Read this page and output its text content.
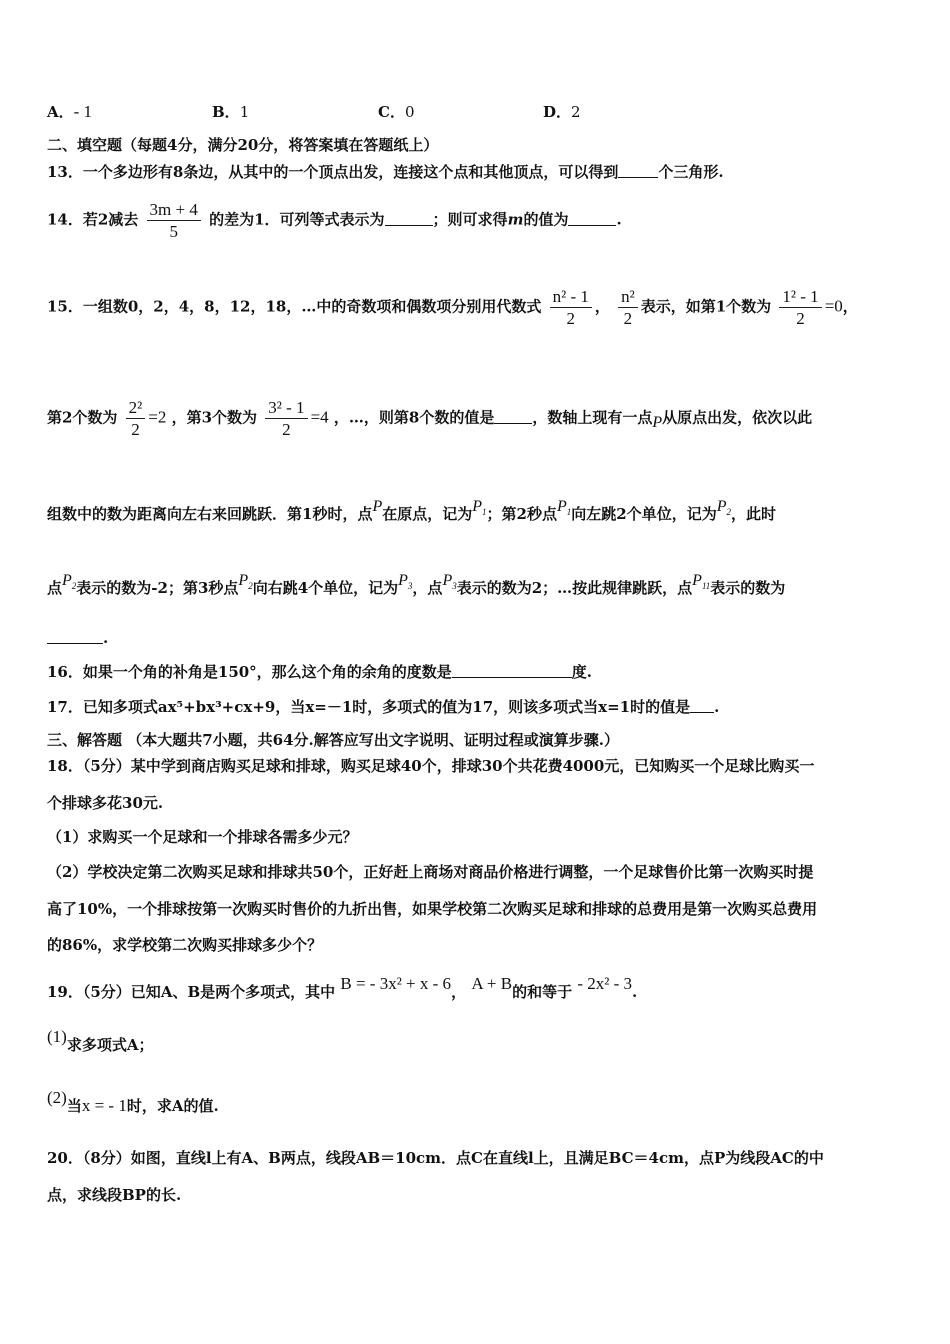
A．- 1	B．1	C．0	D．2
二、填空题（每题4分，满分20分，将答案填在答题纸上）
13．一个多边形有8条边，从其中的一个顶点出发，连接这个点和其他顶点，可以得到	个三角形.
14．若2减去 $\frac{3m + 4}{5}$ 的差为1．可列等式表示为	；则可求得m的值为	.
15．一组数0，2，4，8，12，18，…中的奇数项和偶数项分别用代数式 $\frac{\text{n² - 1}}{2}$ ， $\frac{\text{n²}}{2}$ 表示，如第1个数为 $\frac{\text{1² - 1}}{2} =0$，
第2个数为 $\frac{\text{2²}}{2} =2$ ，第3个数为 $\frac{\text{3² - 1}}{2} =4$ ，…，则第8个数的值是	，数轴上现有一点P从原点出发，依次以此
组数中的数为距离向左右来回跳跃．第1秒时，点P在原点，记为$P_1$；第2秒点$P_1$向左跳2个单位，记为$P_2$，此时
点$P_2$表示的数为-2；第3秒点$P_2$向右跳4个单位，记为$P_3$，点$P_3$表示的数为2；…按此规律跳跃，点$P_{11}$表示的数为
.
16．如果一个角的补角是150°，那么这个角的余角的度数是	度.
17．已知多项式ax⁵+bx³+cx+9，当x=－1时，多项式的值为17，则该多项式当x=1时的值是 .
三、解答题 （本大题共7小题，共64分.解答应写出文字说明、证明过程或演算步骤.）
18．（5分）某中学到商店购买足球和排球，购买足球40个，排球30个共花费4000元，已知购买一个足球比购买一
个排球多花30元.
（1）求购买一个足球和一个排球各需多少元？
（2）学校决定第二次购买足球和排球共50个，正好赶上商场对商品价格进行调整，一个足球售价比第一次购买时提
高了10%，一个排球按第一次购买时售价的九折出售，如果学校第二次购买足球和排球的总费用是第一次购买总费用
的86%，求学校第二次购买排球多少个？
19．（5分）已知A、B是两个多项式，其中 B = - 3x² + x - 6， A + B的和等于 - 2x² - 3.
(1)求多项式A；
(2)当x = - 1时，求A的值.
20．（8分）如图，直线l上有A、B两点，线段AB＝10cm．点C在直线l上，且满足BC＝4cm，点P为线段AC的中
点，求线段BP的长.
